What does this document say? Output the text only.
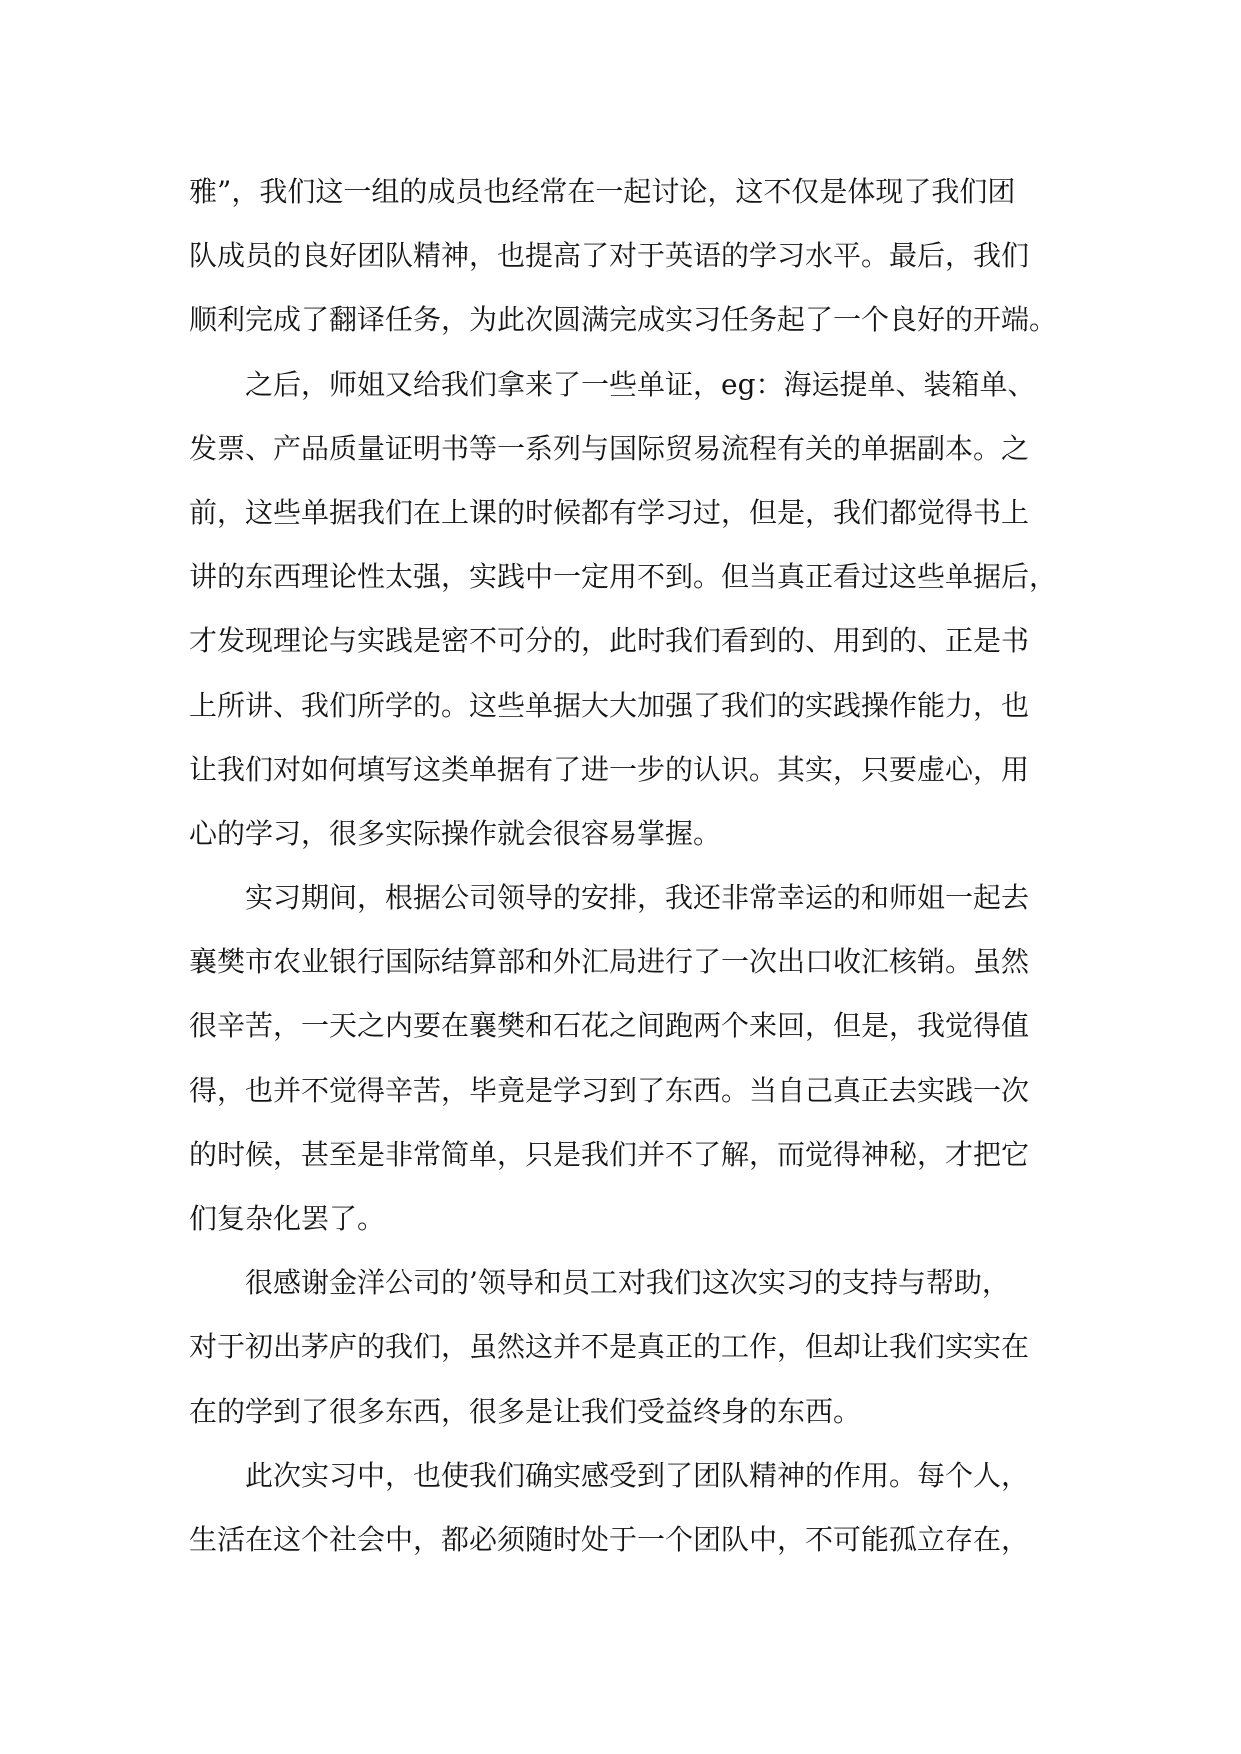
雅”，我们这一组的成员也经常在一起讨论，这不仅是体现了我们团
队成员的良好团队精神，也提高了对于英语的学习水平。最后，我们
顺利完成了翻译任务，为此次圆满完成实习任务起了一个良好的开端。
　　之后，师姐又给我们拿来了一些单证，eg：海运提单、装箱单、
发票、产品质量证明书等一系列与国际贸易流程有关的单据副本。之
前，这些单据我们在上课的时候都有学习过，但是，我们都觉得书上
讲的东西理论性太强，实践中一定用不到。但当真正看过这些单据后，
才发现理论与实践是密不可分的，此时我们看到的、用到的、正是书
上所讲、我们所学的。这些单据大大加强了我们的实践操作能力，也
让我们对如何填写这类单据有了进一步的认识。其实，只要虚心，用
心的学习，很多实际操作就会很容易掌握。
　　实习期间，根据公司领导的安排，我还非常幸运的和师姐一起去
襄樊市农业银行国际结算部和外汇局进行了一次出口收汇核销。虽然
很辛苦，一天之内要在襄樊和石花之间跑两个来回，但是，我觉得值
得，也并不觉得辛苦，毕竟是学习到了东西。当自己真正去实践一次
的时候，甚至是非常简单，只是我们并不了解，而觉得神秘，才把它
们复杂化罢了。
　　很感谢金洋公司的’领导和员工对我们这次实习的支持与帮助，
对于初出茅庐的我们，虽然这并不是真正的工作，但却让我们实实在
在的学到了很多东西，很多是让我们受益终身的东西。
　　此次实习中，也使我们确实感受到了团队精神的作用。每个人，
生活在这个社会中，都必须随时处于一个团队中，不可能孤立存在，
